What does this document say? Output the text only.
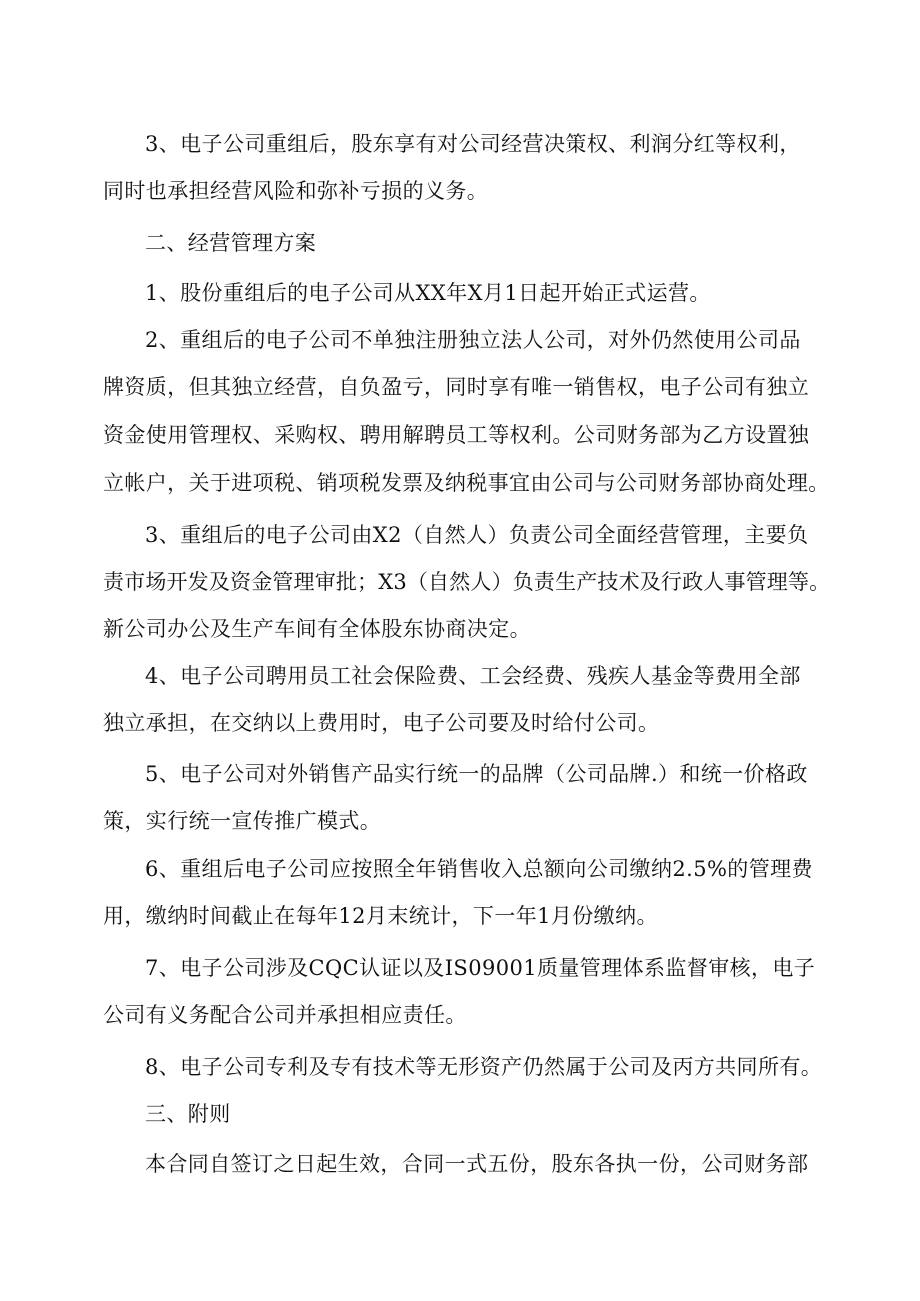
3、电子公司重组后，股东享有对公司经营决策权、利润分红等权利，
同时也承担经营风险和弥补亏损的义务。
二、经营管理方案
1、股份重组后的电子公司从XX年X月1日起开始正式运营。
2、重组后的电子公司不单独注册独立法人公司，对外仍然使用公司品
牌资质，但其独立经营，自负盈亏，同时享有唯一销售权，电子公司有独立
资金使用管理权、采购权、聘用解聘员工等权利。公司财务部为乙方设置独
立帐户，关于进项税、销项税发票及纳税事宜由公司与公司财务部协商处理。
3、重组后的电子公司由X2（自然人）负责公司全面经营管理，主要负
责市场开发及资金管理审批；X3（自然人）负责生产技术及行政人事管理等。
新公司办公及生产车间有全体股东协商决定。
4、电子公司聘用员工社会保险费、工会经费、残疾人基金等费用全部
独立承担，在交纳以上费用时，电子公司要及时给付公司。
5、电子公司对外销售产品实行统一的品牌（公司品牌.）和统一价格政
策，实行统一宣传推广模式。
6、重组后电子公司应按照全年销售收入总额向公司缴纳2.5%的管理费
用，缴纳时间截止在每年12月末统计，下一年1月份缴纳。
7、电子公司涉及CQC认证以及IS09001质量管理体系监督审核，电子
公司有义务配合公司并承担相应责任。
8、电子公司专利及专有技术等无形资产仍然属于公司及丙方共同所有。
三、附则
本合同自签订之日起生效，合同一式五份，股东各执一份，公司财务部
